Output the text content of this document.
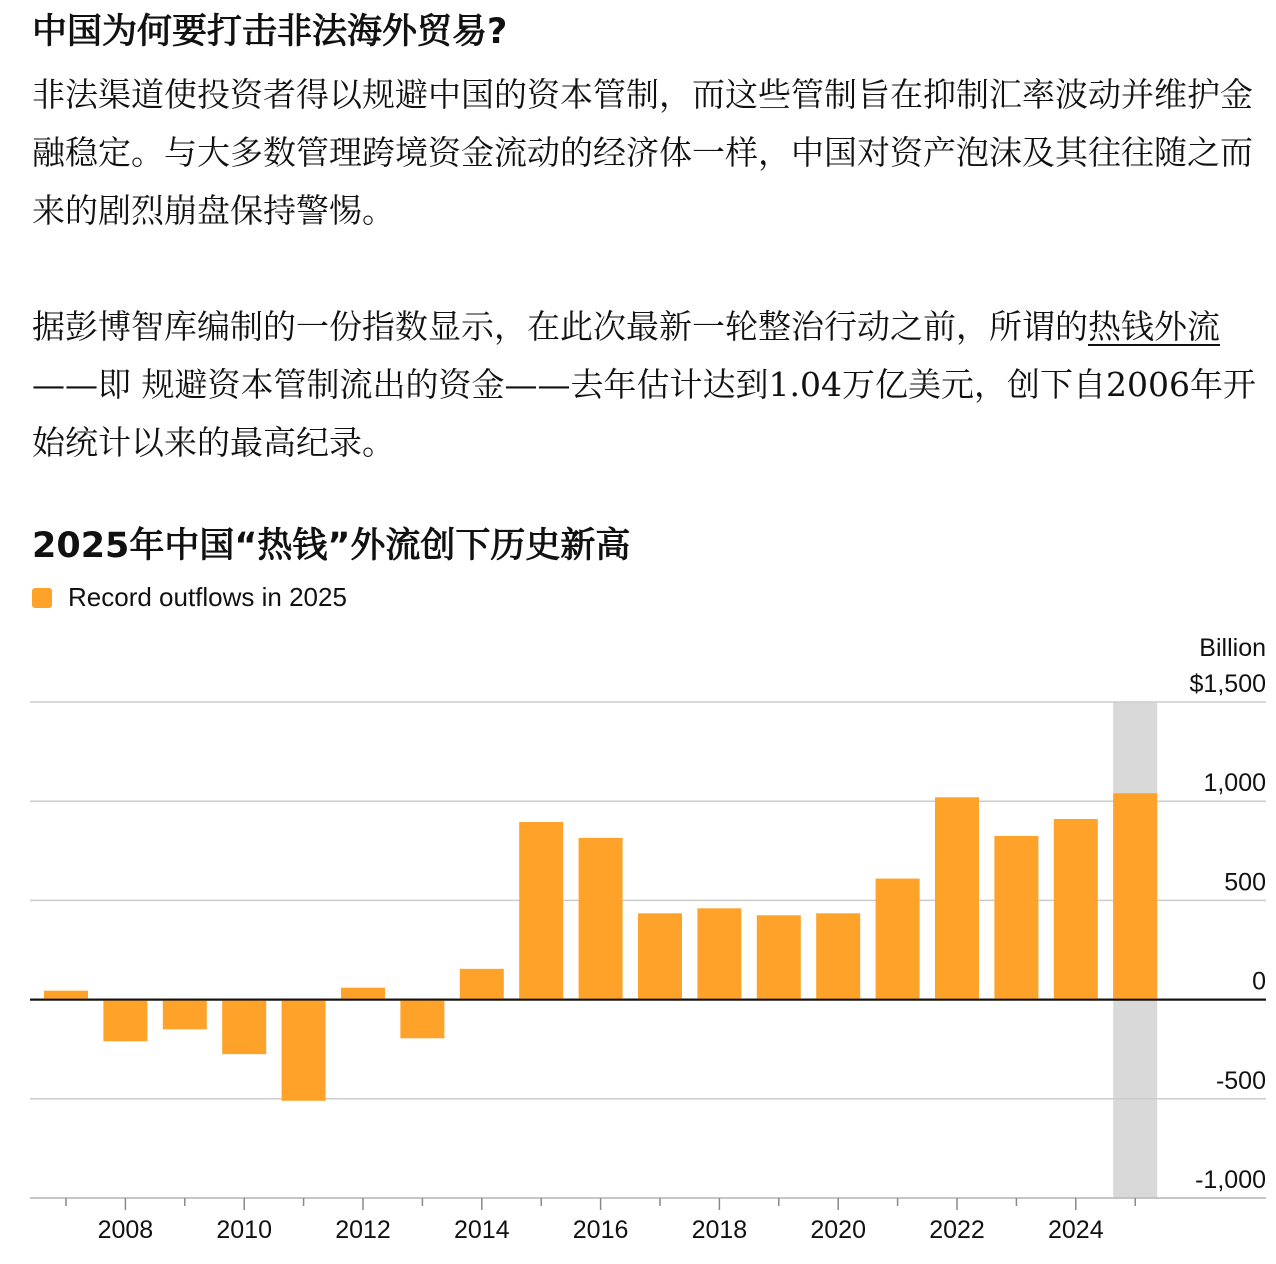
中国为何要打击非法海外贸易?

非法渠道使投资者得以规避中国的资本管制，而这些管制旨在抑制汇率波动并维护金融稳定。与大多数管理跨境资金流动的经济体一样，中国对资产泡沫及其往往随之而来的剧烈崩盘保持警惕。

据彭博智库编制的一份指数显示，在此次最新一轮整治行动之前，所谓的热钱外流——即 规避资本管制流出的资金——去年估计达到1.04万亿美元，创下自2006年开始统计以来的最高纪录。

2025年中国“热钱”外流创下历史新高
Record outflows in 2025
$1,500
1,000
500
0
-500
-1,000
Billion
2008	2010	2012	2014	2016	2018	2020	2022	2024
